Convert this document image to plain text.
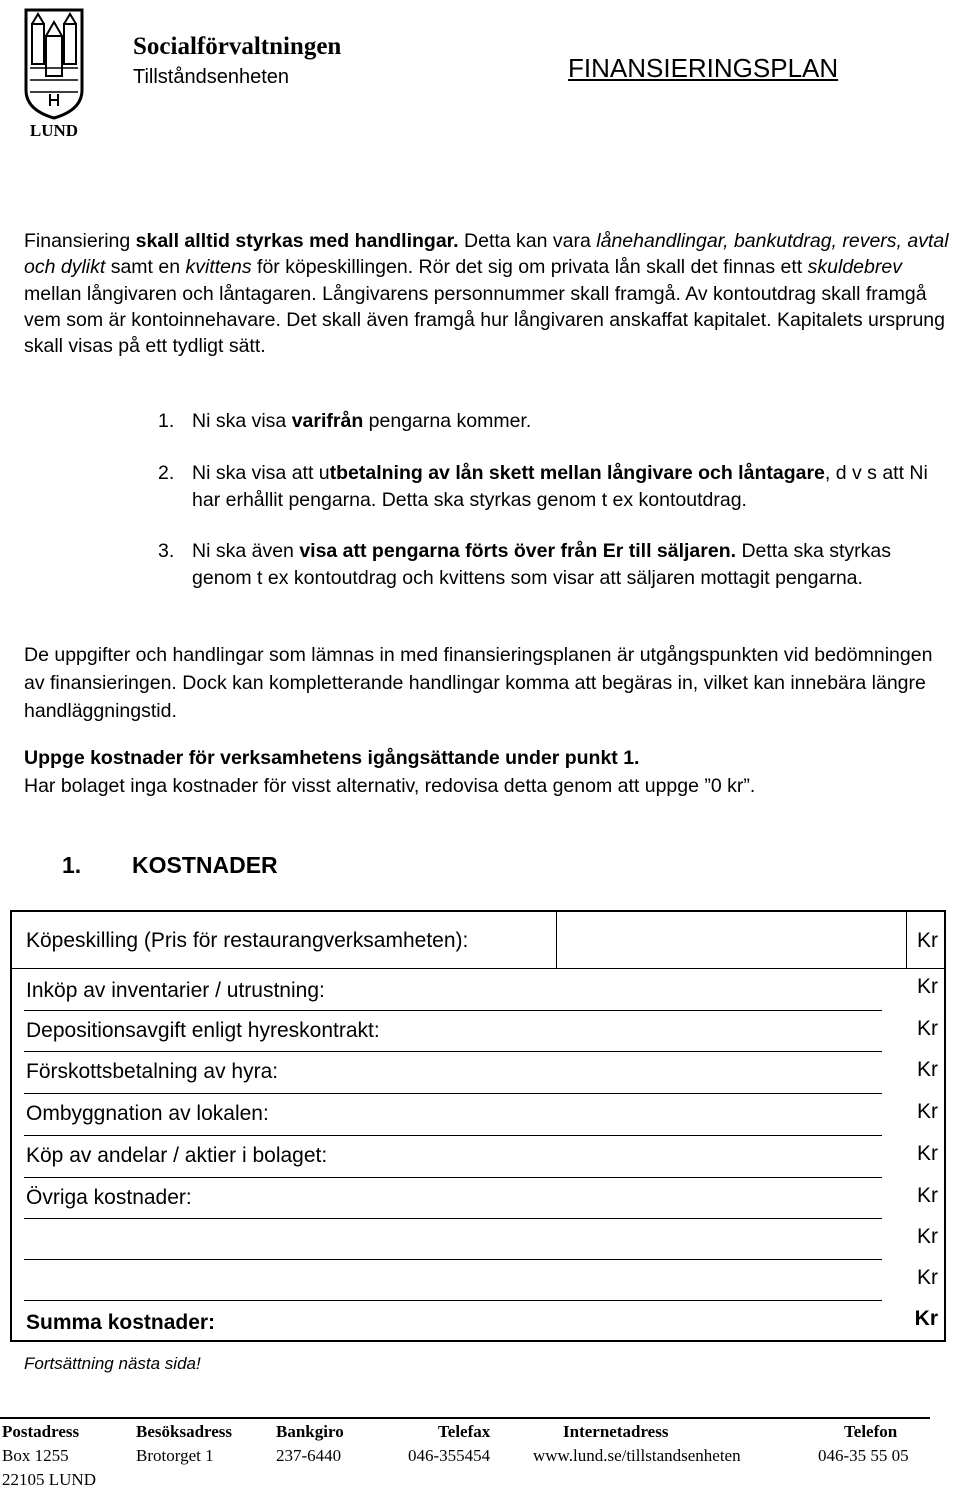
LUND
Socialförvaltningen
Tillståndsenheten	FINANSIERINGSPLAN
Finansiering skall alltid styrkas med handlingar. Detta kan vara lånehandlingar, bankutdrag, revers, avtal och dylikt samt en kvittens för köpeskillingen. Rör det sig om privata lån skall det finnas ett skuldebrev mellan långivaren och låntagaren. Långivarens personnummer skall framgå. Av kontoutdrag skall framgå vem som är kontoinnehavare. Det skall även framgå hur långivaren anskaffat kapitalet. Kapitalets ursprung skall visas på ett tydligt sätt.
1. Ni ska visa varifrån pengarna kommer.
2. Ni ska visa att utbetalning av lån skett mellan långivare och låntagare, d v s att Ni har erhållit pengarna. Detta ska styrkas genom t ex kontoutdrag.
3. Ni ska även visa att pengarna förts över från Er till säljaren. Detta ska styrkas genom t ex kontoutdrag och kvittens som visar att säljaren mottagit pengarna.
De uppgifter och handlingar som lämnas in med finansieringsplanen är utgångspunkten vid bedömningen av finansieringen. Dock kan kompletterande handlingar komma att begäras in, vilket kan innebära längre handläggningstid.
Uppge kostnader för verksamhetens igångsättande under punkt 1.
Har bolaget inga kostnader för visst alternativ, redovisa detta genom att uppge ”0 kr”.
1. KOSTNADER
Köpeskilling (Pris för restaurangverksamheten):	Kr
Inköp av inventarier / utrustning:	Kr
Depositionsavgift enligt hyreskontrakt:	Kr
Förskottsbetalning av hyra:	Kr
Ombyggnation av lokalen:	Kr
Köp av andelar / aktier i bolaget:	Kr
Övriga kostnader:	Kr
Kr
Kr
Summa kostnader:	Kr
Fortsättning nästa sida!
Postadress
Box 1255
22105 LUND
Besöksadress
Brotorget 1
Bankgiro
237-6440
Telefax
046-355454
Internetadress
www.lund.se/tillstandsenheten
Telefon
046-35 55 05
